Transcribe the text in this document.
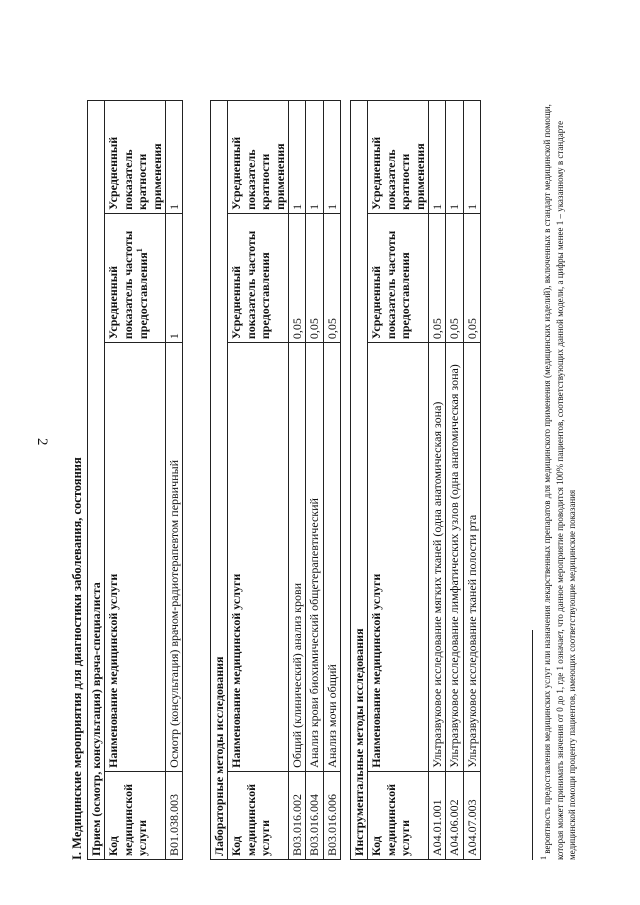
2
I. Медицинские мероприятия для диагностики заболевания, состояния Прием (осмотр, консультация) врача-специалиста			
Код медицинской услуги	Наименование медицинской услуги	Усредненный показатель частоты предоставления$^1$	Усредненный показатель кратности применения
B01.038.003	Осмотр (консультация) врачом-радиотерапевтом первичный	1	1
Лабораторные методы исследования			
Код медицинской услуги	Наименование медицинской услуги	Усредненный показатель частоты предоставления	Усредненный показатель кратности применения
B03.016.002	Общий (клинический) анализ крови	0,05	1
B03.016.004	Анализ крови биохимический общетерапевтический	0,05	1
B03.016.006	Анализ мочи общий	0,05	1
Инструментальные методы исследования			
Код медицинской услуги	Наименование медицинской услуги	Усредненный показатель частоты предоставления	Усредненный показатель кратности применения
A04.01.001	Ультразвуковое исследование мягких тканей (одна анатомическая зона)	0,05	1
A04.06.002	Ультразвуковое исследование лимфатических узлов (одна анатомическая зона)	0,05	1
A04.07.003	Ультразвуковое исследование тканей полости рта	0,05	1
$^1$ вероятность предоставления медицинских услуг или назначения лекарственных препаратов для медицинского применения (медицинских изделий), включенных в стандарт медицинской помощи, которая может принимать значения от 0 до 1, где 1 означает, что данное мероприятие проводится 100% пациентов, соответствующих данной модели, а цифры менее 1 – указанному в стандарте медицинской помощи проценту пациентов, имеющих соответствующие медицинские показания
